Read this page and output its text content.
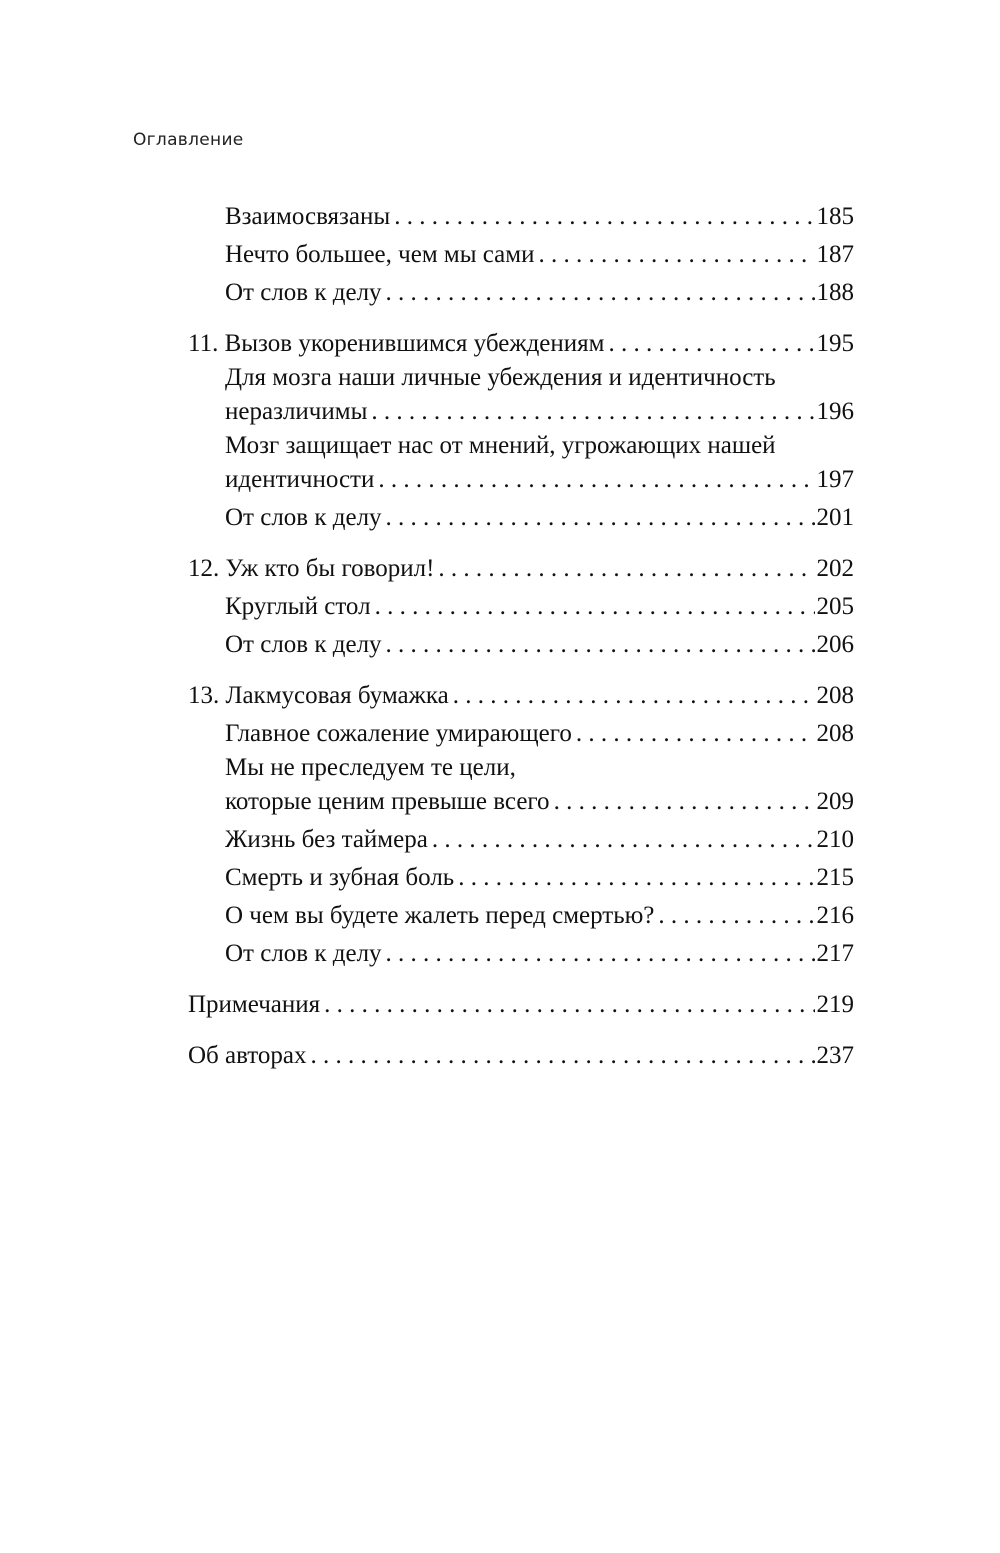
Оглавление
Взаимосвязаны . . .	185
Нечто большее, чем мы сами . . .	187
От слов к делу . . .	188
11. Вызов укоренившимся убеждениям . . .	195
Для мозга наши личные убеждения и идентичность
неразличимы . . .	196
Мозг защищает нас от мнений, угрожающих нашей
идентичности . . .	197
От слов к делу . . .	201
12. Уж кто бы говорил! . . .	202
Круглый стол . . .	205
От слов к делу . . .	206
13. Лакмусовая бумажка . . .	208
Главное сожаление умирающего . . .	208
Мы не преследуем те цели,
которые ценим превыше всего . . .	209
Жизнь без таймера . . .	210
Смерть и зубная боль . . .	215
О чем вы будете жалеть перед смертью? . . .	216
От слов к делу . . .	217
Примечания . . .	219
Об авторах . . .	237
